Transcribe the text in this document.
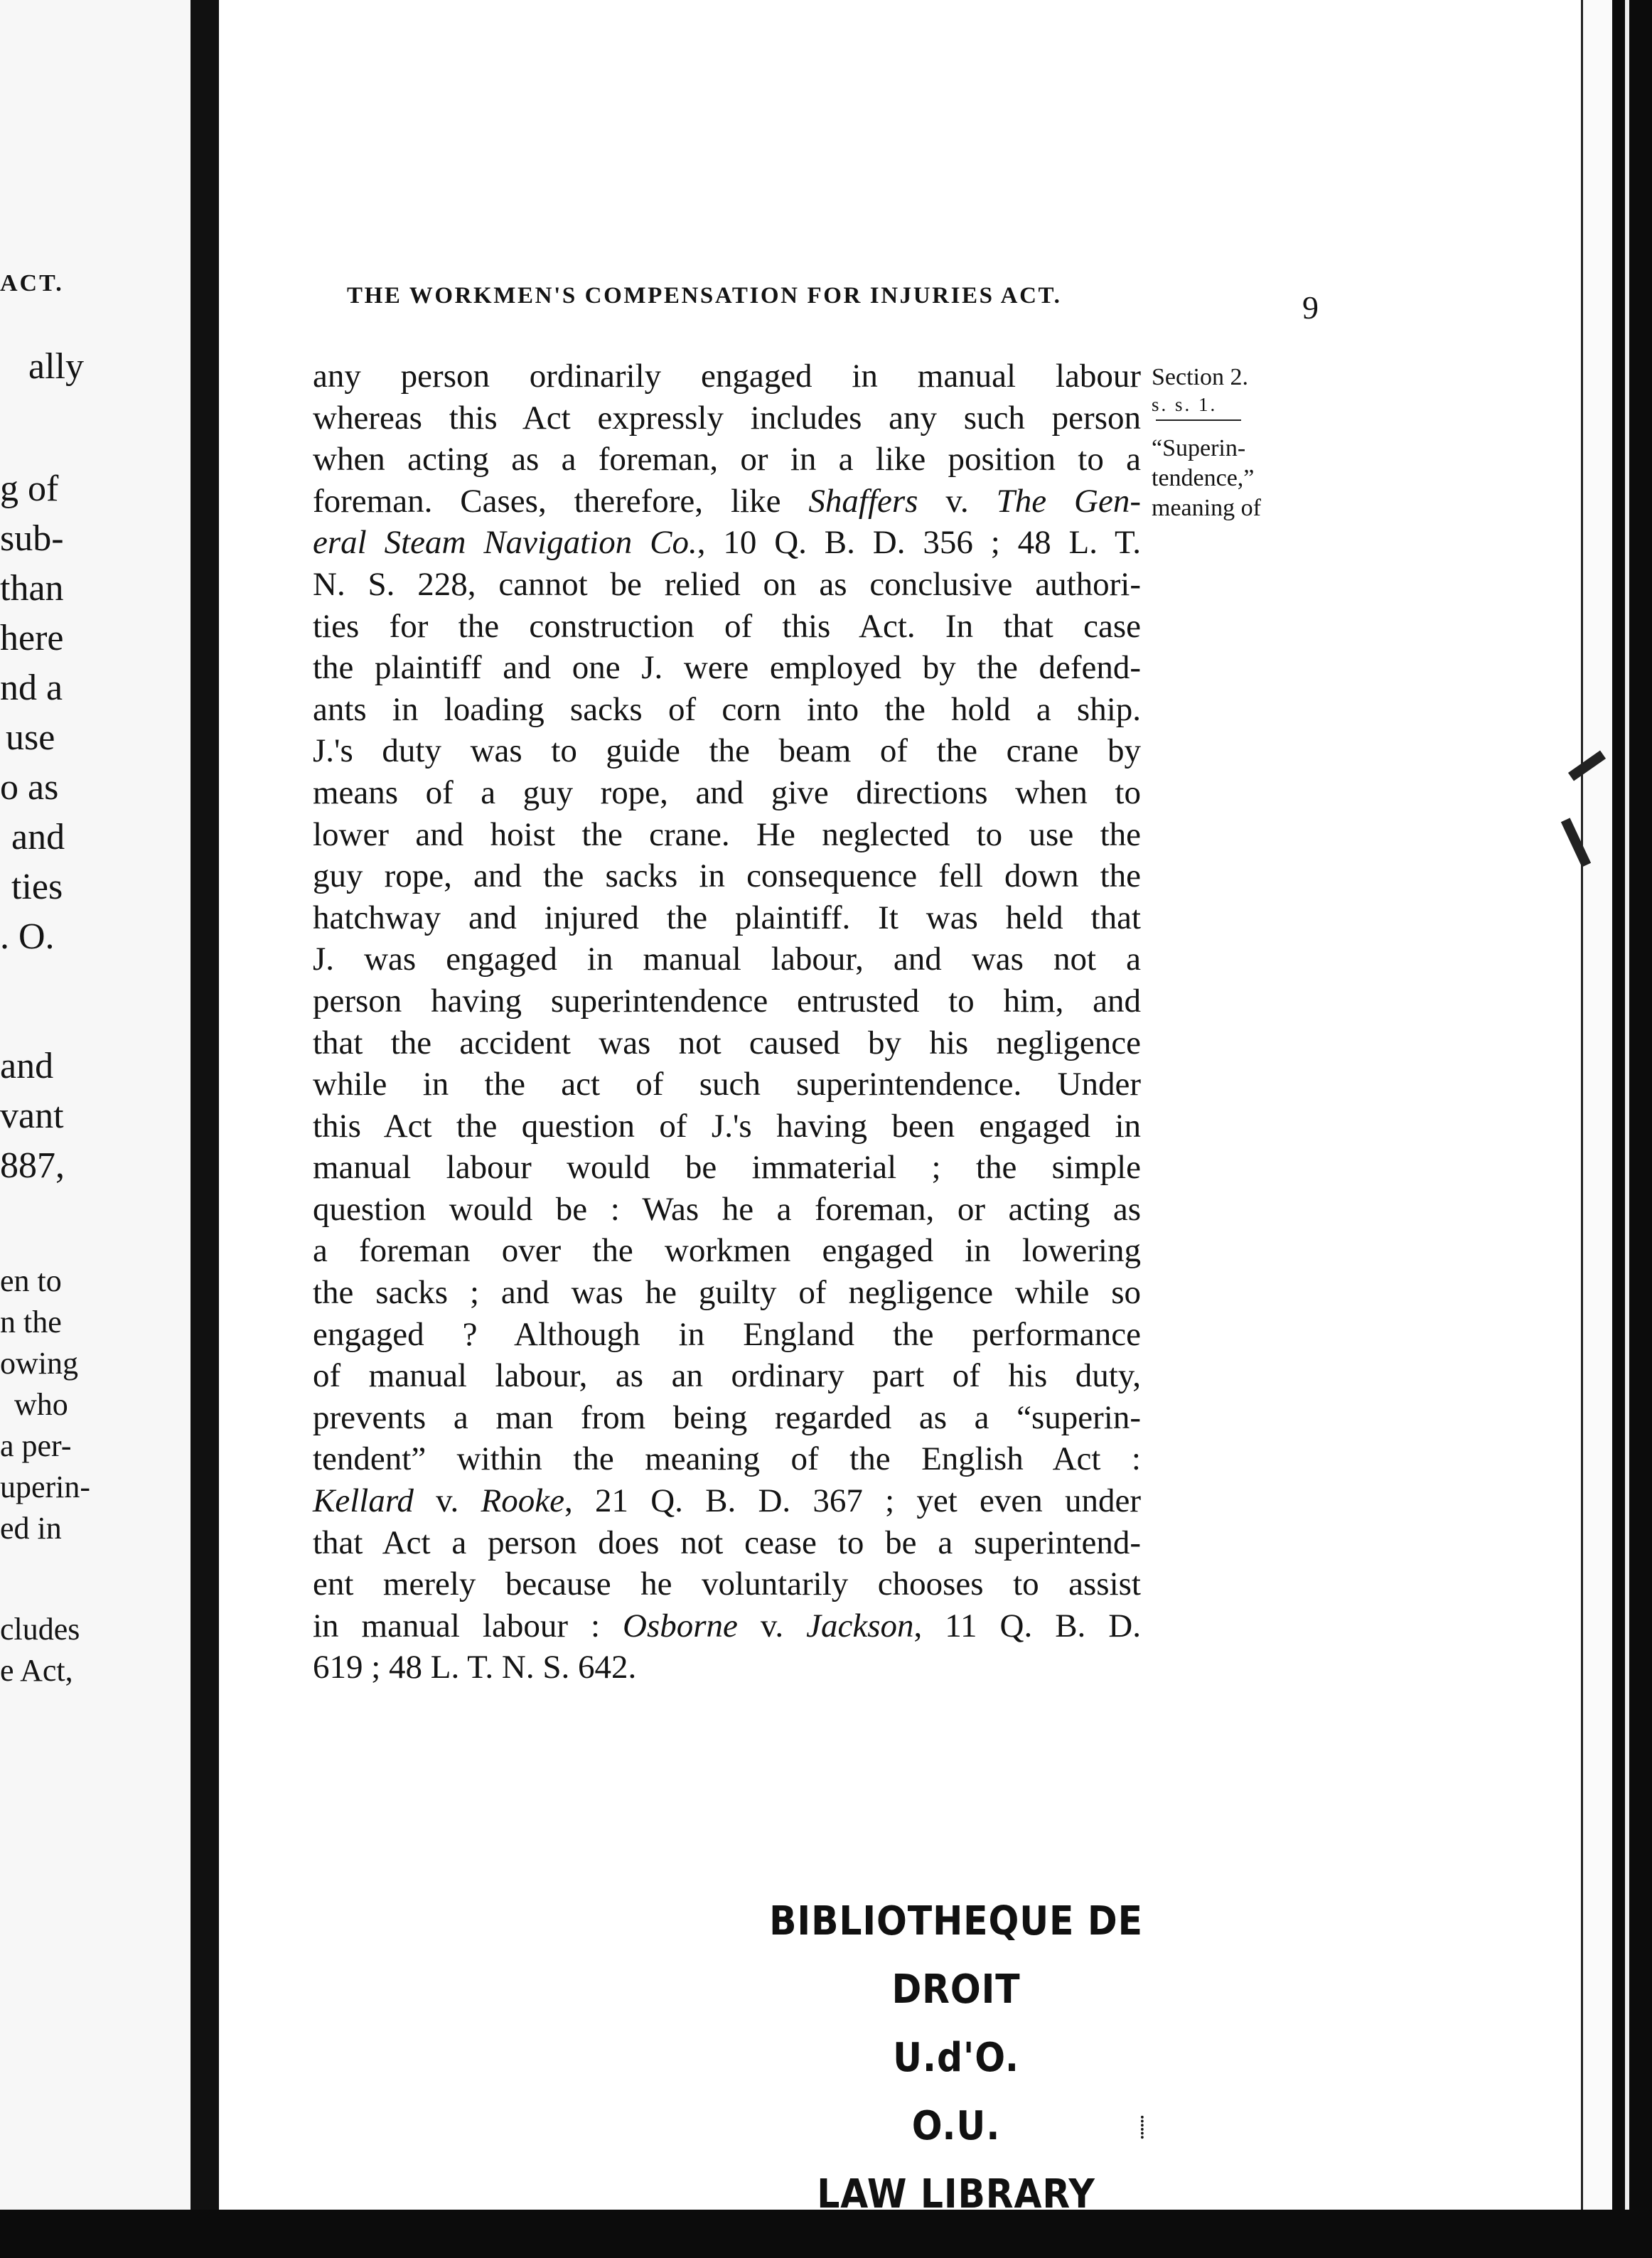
ACT.
ally
g of
sub-
than
here
nd a
use
o as
and
ties
. O.
and
vant
887,
en to
n the
owing
who
a per-
uperin-
ed in
cludes
e Act,
THE WORKMEN'S COMPENSATION FOR INJURIES ACT.	9
any person ordinarily engaged in manual labour
whereas this Act expressly includes any such person
when acting as a foreman, or in a like position to a
foreman. Cases, therefore, like Shaffers v. The Gen-
eral Steam Navigation Co., 10 Q. B. D. 356 ; 48 L. T.
N. S. 228, cannot be relied on as conclusive authori-
ties for the construction of this Act. In that case
the plaintiff and one J. were employed by the defend-
ants in loading sacks of corn into the hold a ship.
J.'s duty was to guide the beam of the crane by
means of a guy rope, and give directions when to
lower and hoist the crane. He neglected to use the
guy rope, and the sacks in consequence fell down the
hatchway and injured the plaintiff. It was held that
J. was engaged in manual labour, and was not a
person having superintendence entrusted to him, and
that the accident was not caused by his negligence
while in the act of such superintendence. Under
this Act the question of J.'s having been engaged in
manual labour would be immaterial ; the simple
question would be : Was he a foreman, or acting as
a foreman over the workmen engaged in lowering
the sacks ; and was he guilty of negligence while so
engaged ? Although in England the performance
of manual labour, as an ordinary part of his duty,
prevents a man from being regarded as a “superin-
tendent” within the meaning of the English Act :
Kellard v. Rooke, 21 Q. B. D. 367 ; yet even under
that Act a person does not cease to be a superintend-
ent merely because he voluntarily chooses to assist
in manual labour : Osborne v. Jackson, 11 Q. B. D.
619 ; 48 L. T. N. S. 642.
Section 2.
s. s. 1.
“Superin-
tendence,”
meaning of
BIBLIOTHEQUE DE DROIT
U.d'O.
O.U.
LAW LIBRARY
⸽
